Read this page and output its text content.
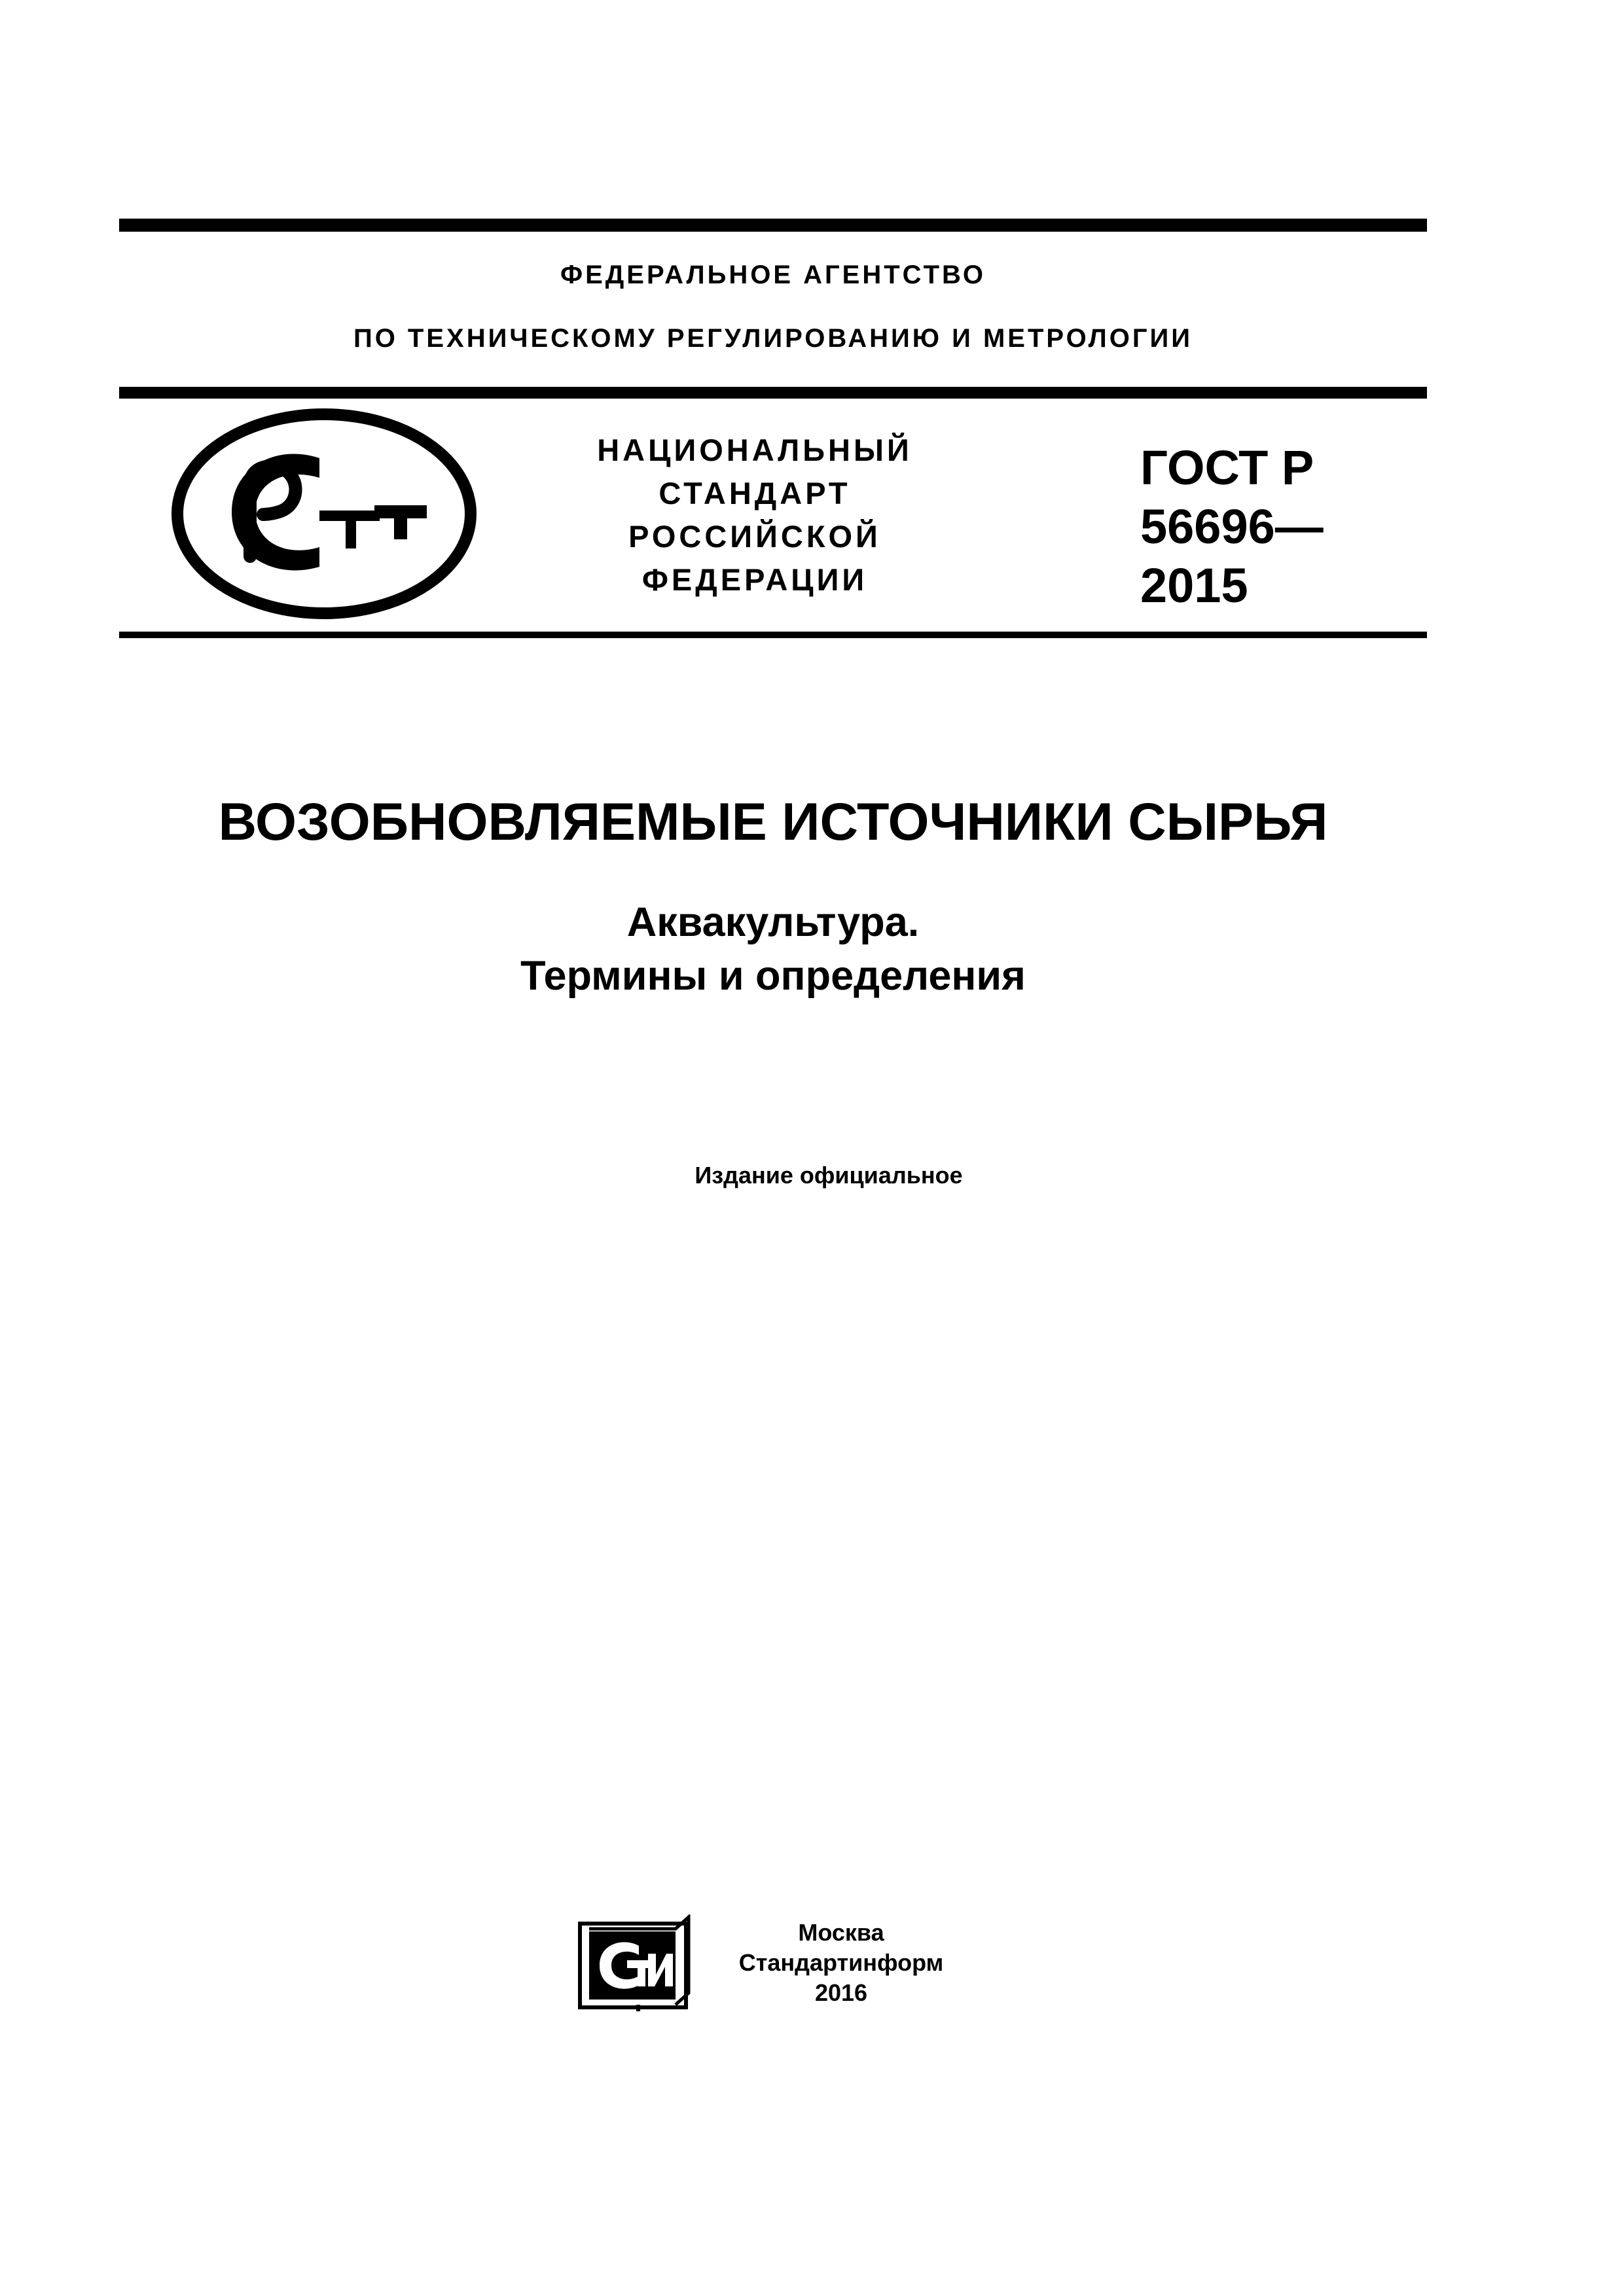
ФЕДЕРАЛЬНОЕ АГЕНТСТВО
ПО ТЕХНИЧЕСКОМУ РЕГУЛИРОВАНИЮ И МЕТРОЛОГИИ
НАЦИОНАЛЬНЫЙ
СТАНДАРТ
РОССИЙСКОЙ
ФЕДЕРАЦИИ
ГОСТ Р
56696—
2015
ВОЗОБНОВЛЯЕМЫЕ ИСТОЧНИКИ СЫРЬЯ
Аквакультура.
Термины и определения
Издание официальное
Москва
Стандартинформ
2016
